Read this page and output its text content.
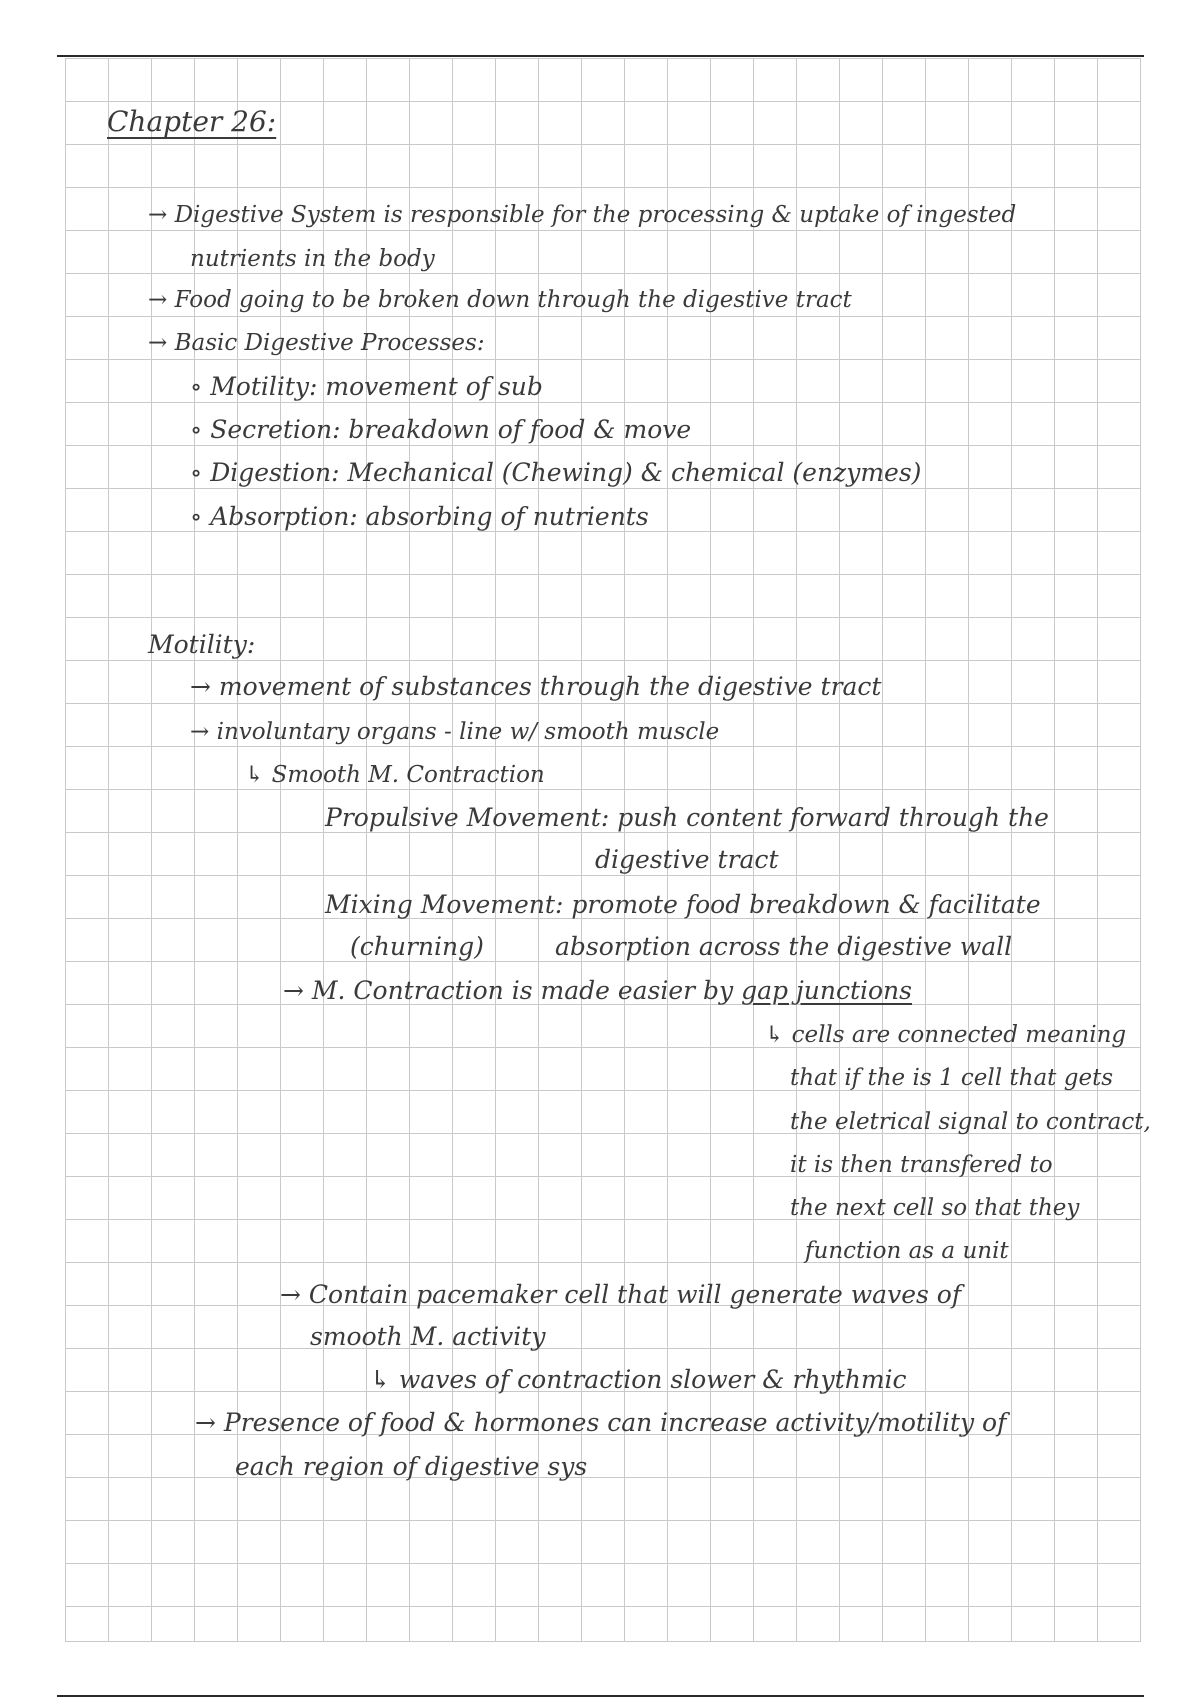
Chapter 26:
→ Digestive System is responsible for the processing & uptake of ingested
nutrients in the body
→ Food going to be broken down through the digestive tract
→ Basic Digestive Processes:
∘ Motility: movement of sub
∘ Secretion: breakdown of food & move
∘ Digestion: Mechanical (Chewing) & chemical (enzymes)
∘ Absorption: absorbing of nutrients
Motility:
→ movement of substances through the digestive tract
→ involuntary organs - line w/ smooth muscle
↳ Smooth M. Contraction
Propulsive Movement: push content forward through the
digestive tract
Mixing Movement: promote food breakdown & facilitate
(churning)	absorption across the digestive wall
→ M. Contraction is made easier by gap junctions
↳ cells are connected meaning
that if the is 1 cell that gets
the eletrical signal to contract,
it is then transfered to
the next cell so that they
function as a unit
→ Contain pacemaker cell that will generate waves of
smooth M. activity
↳ waves of contraction slower & rhythmic
→ Presence of food & hormones can increase activity/motility of
each region of digestive sys
